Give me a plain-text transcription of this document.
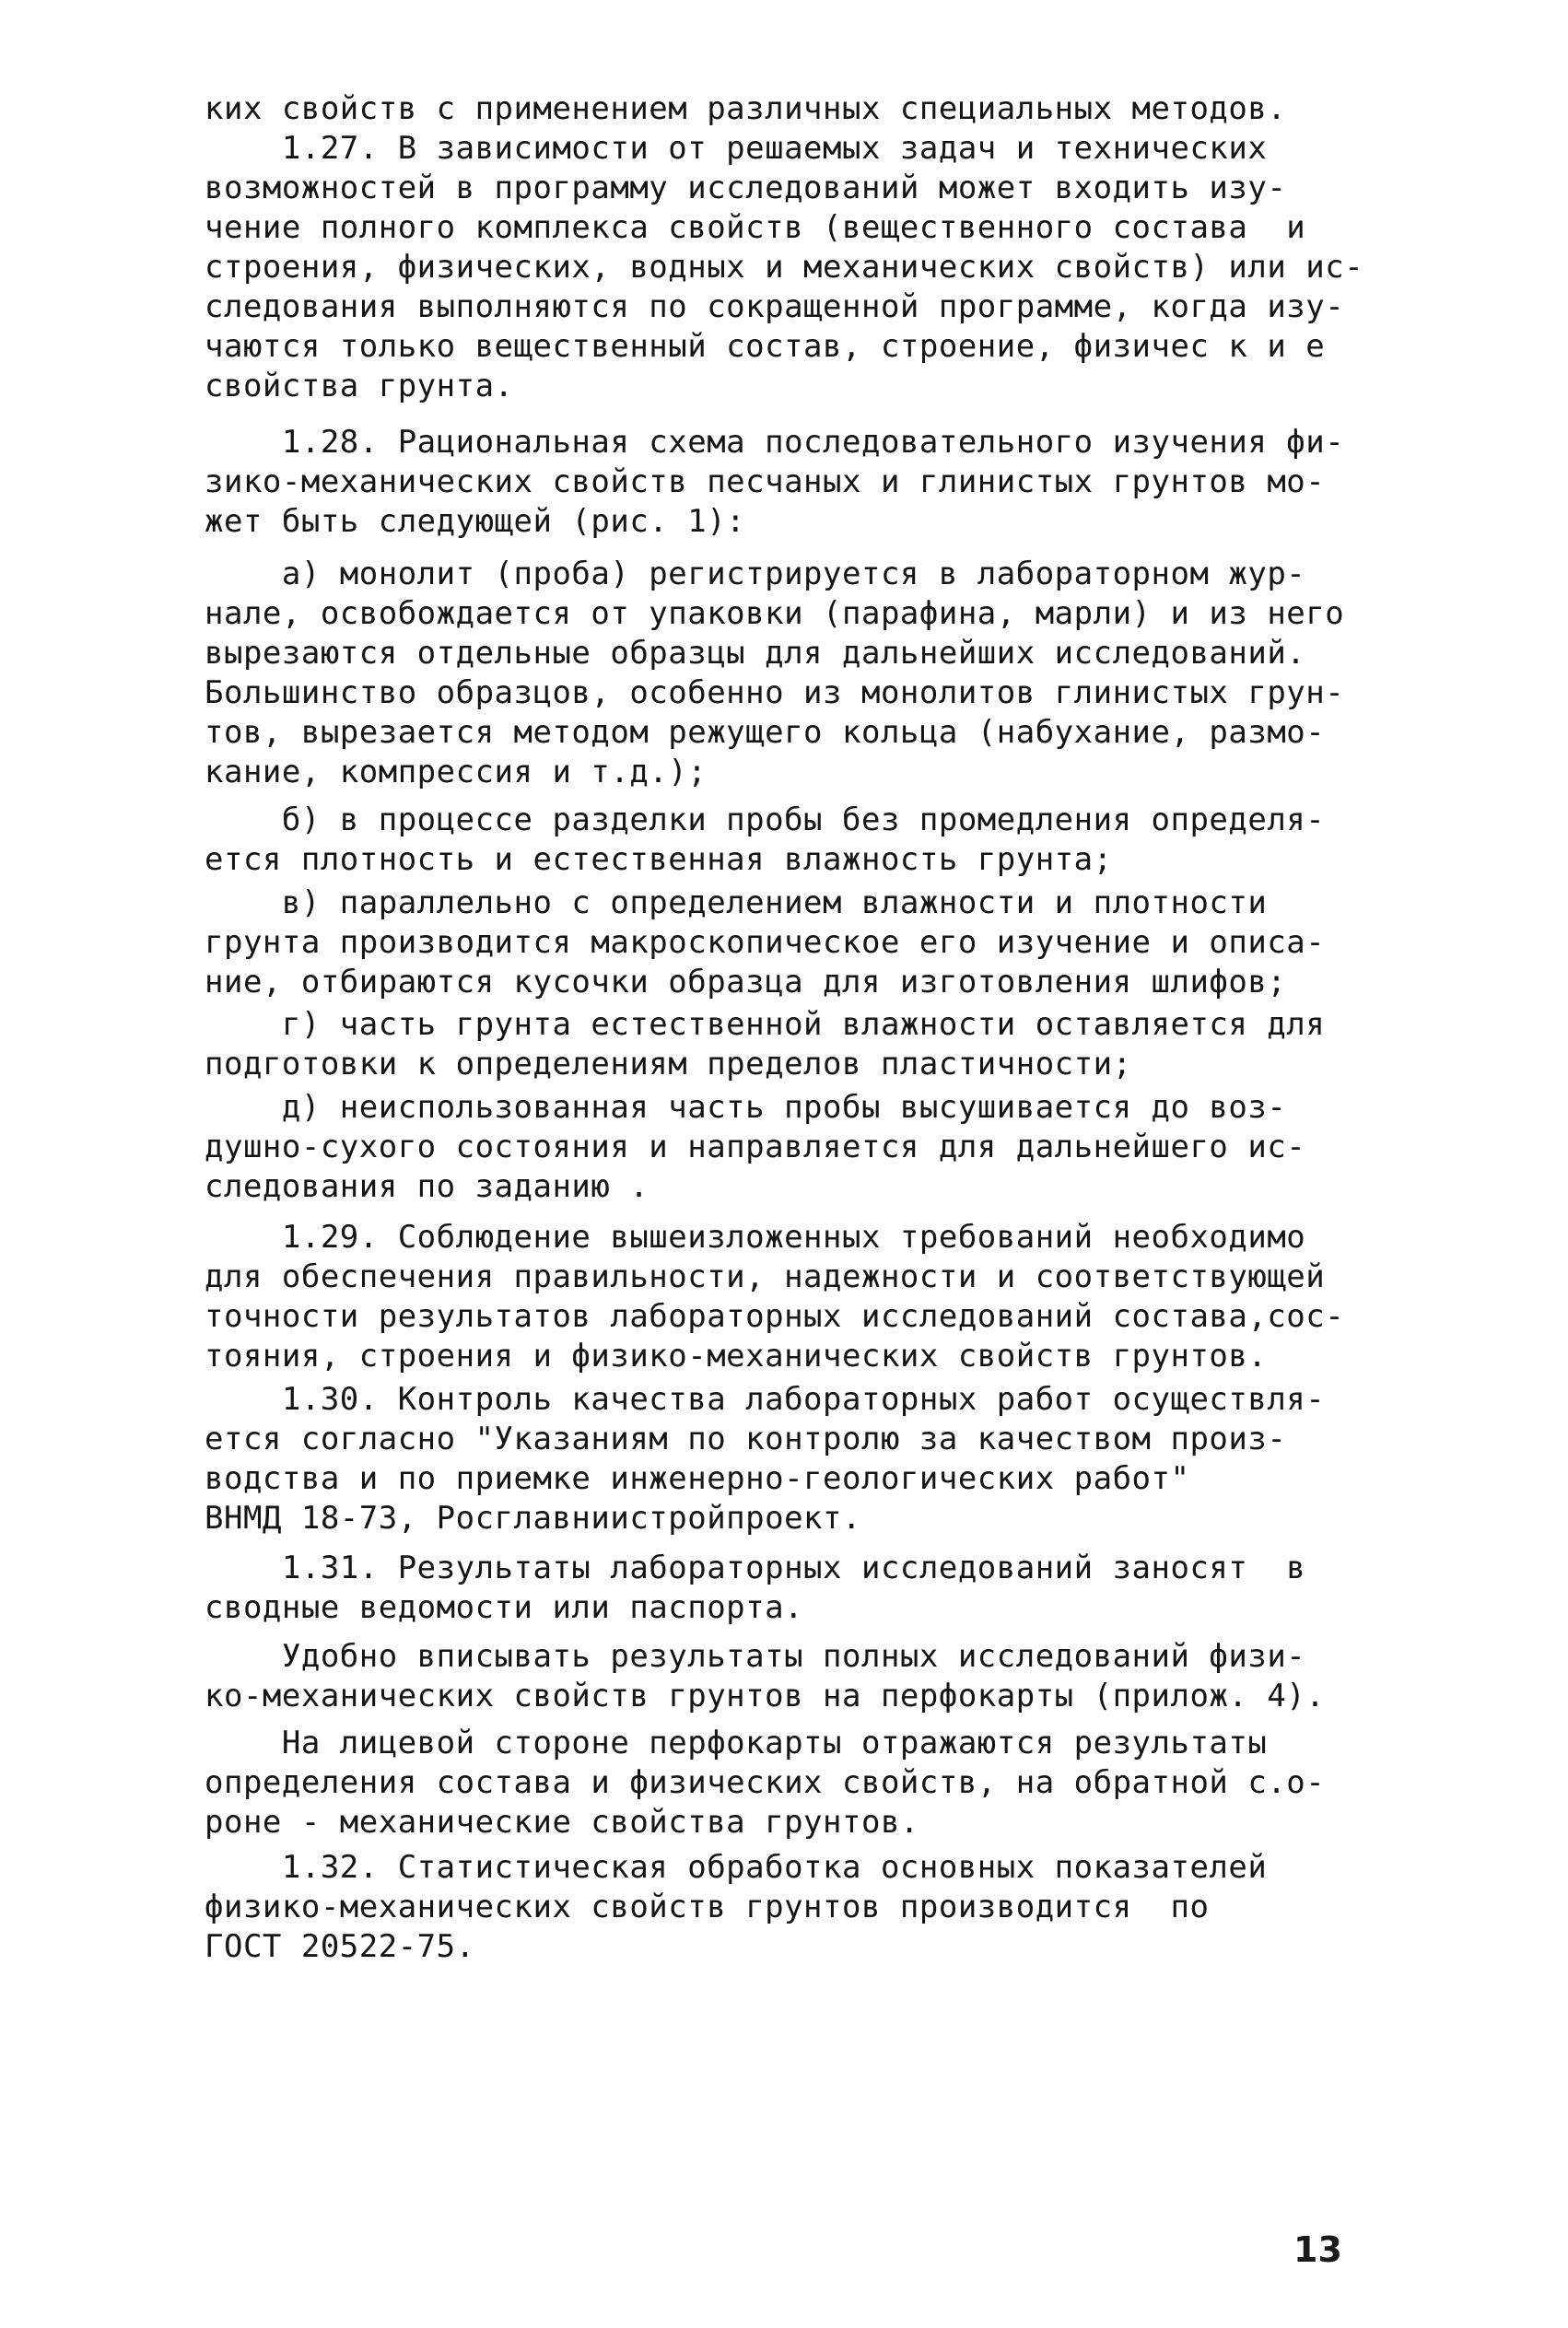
ких свойств с применением различных специальных методов.
1.27. В зависимости от решаемых задач и технических
возможностей в программу исследований может входить изу-
чение полного комплекса свойств (вещественного состава  и
строения, физических, водных и механических свойств) или ис-
следования выполняются по сокращенной программе, когда изу-
чаются только вещественный состав, строение, физичес к и е
свойства грунта.
1.28. Рациональная схема последовательного изучения фи-
зико-механических свойств песчаных и глинистых грунтов мо-
жет быть следующей (рис. 1):
а) монолит (проба) регистрируется в лабораторном жур-
нале, освобождается от упаковки (парафина, марли) и из него
вырезаются отдельные образцы для дальнейших исследований.
Большинство образцов, особенно из монолитов глинистых грун-
тов, вырезается методом режущего кольца (набухание, размо-
кание, компрессия и т.д.);
б) в процессе разделки пробы без промедления определя-
ется плотность и естественная влажность грунта;
в) параллельно с определением влажности и плотности
грунта производится макроскопическое его изучение и описа-
ние, отбираются кусочки образца для изготовления шлифов;
г) часть грунта естественной влажности оставляется для
подготовки к определениям пределов пластичности;
д) неиспользованная часть пробы высушивается до воз-
душно-сухого состояния и направляется для дальнейшего ис-
следования по заданию .
1.29. Соблюдение вышеизложенных требований необходимо
для обеспечения правильности, надежности и соответствующей
точности результатов лабораторных исследований состава,сос-
тояния, строения и физико-механических свойств грунтов.
1.30. Контроль качества лабораторных работ осуществля-
ется согласно "Указаниям по контролю за качеством произ-
водства и по приемке инженерно-геологических работ"
ВНМД 18-73, Росглавниистройпроект.
1.31. Результаты лабораторных исследований заносят  в
сводные ведомости или паспорта.
Удобно вписывать результаты полных исследований физи-
ко-механических свойств грунтов на перфокарты (прилож. 4).
На лицевой стороне перфокарты отражаются результаты
определения состава и физических свойств, на обратной с.о-
роне - механические свойства грунтов.
1.32. Статистическая обработка основных показателей
физико-механических свойств грунтов производится  по
ГОСТ 20522-75.
13
